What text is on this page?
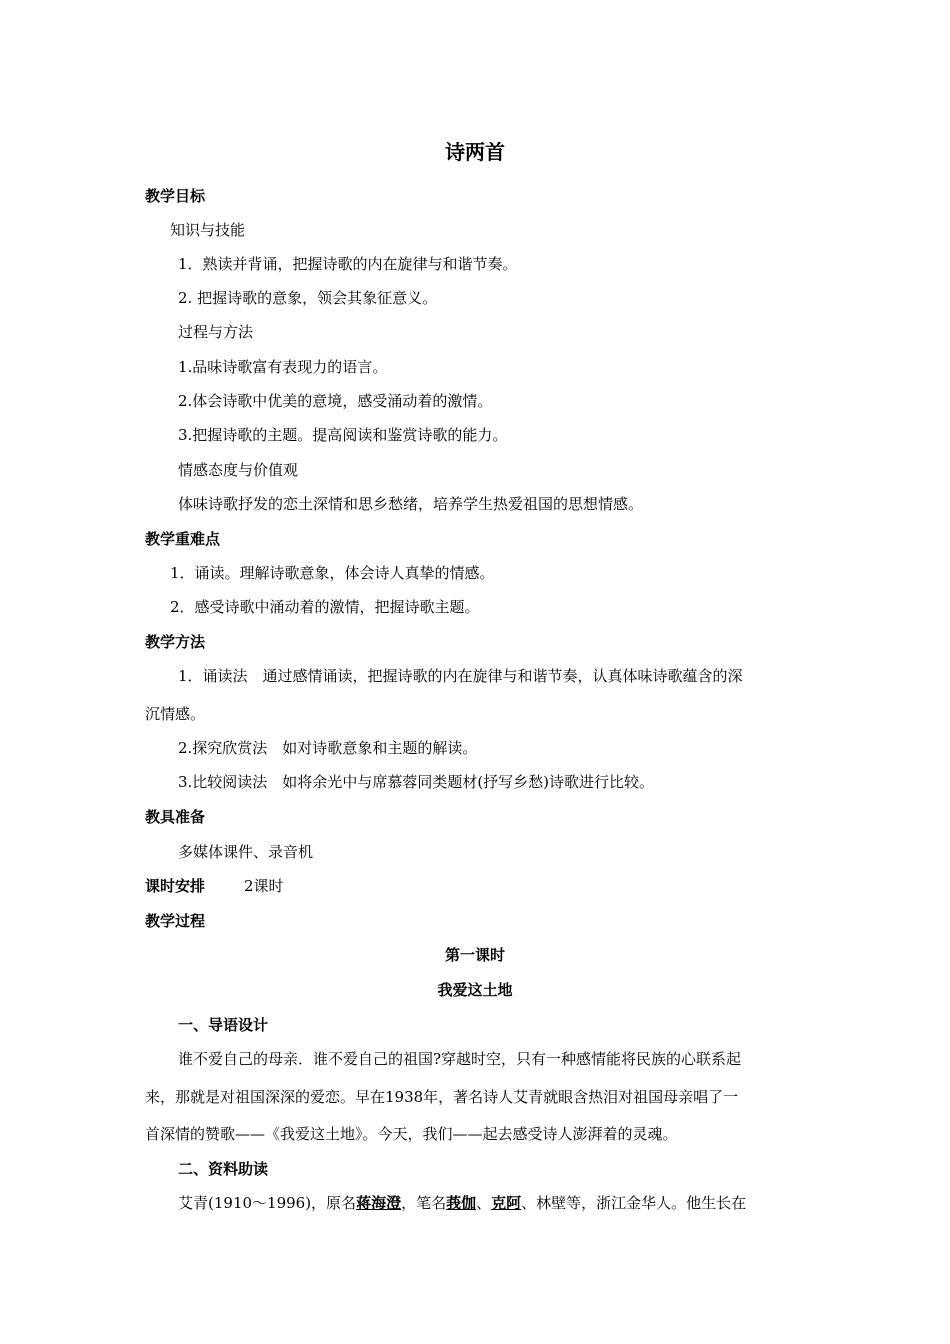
诗两首
教学目标
知识与技能
1．熟读并背诵，把握诗歌的内在旋律与和谐节奏。
2. 把握诗歌的意象，领会其象征意义。
过程与方法
1.品味诗歌富有表现力的语言。
2.体会诗歌中优美的意境，感受涌动着的激情。
3.把握诗歌的主题。提高阅读和鉴赏诗歌的能力。
情感态度与价值观
体味诗歌抒发的恋土深情和思乡愁绪，培养学生热爱祖国的思想情感。
教学重难点
1．诵读。理解诗歌意象，体会诗人真挚的情感。
2．感受诗歌中涌动着的激情，把握诗歌主题。
教学方法
1．诵读法　通过感情诵读，把握诗歌的内在旋律与和谐节奏，认真体味诗歌蕴含的深
沉情感。
2.探究欣赏法　如对诗歌意象和主题的解读。
3.比较阅读法　如将余光中与席慕蓉同类题材(抒写乡愁)诗歌进行比较。
教具准备
多媒体课件、录音机
课时安排	2课时
教学过程
第一课时
我爱这土地
一、导语设计
谁不爱自己的母亲．谁不爱自己的祖国?穿越时空，只有一种感情能将民族的心联系起
来，那就是对祖国深深的爱恋。早在1938年，著名诗人艾青就眼含热泪对祖国母亲唱了一
首深情的赞歌——《我爱这土地》。今天，我们——起去感受诗人澎湃着的灵魂。
二、资料助读
艾青(1910～1996)，原名蒋海澄，笔名莪伽、克阿、林壁等，浙江金华人。他生长在
